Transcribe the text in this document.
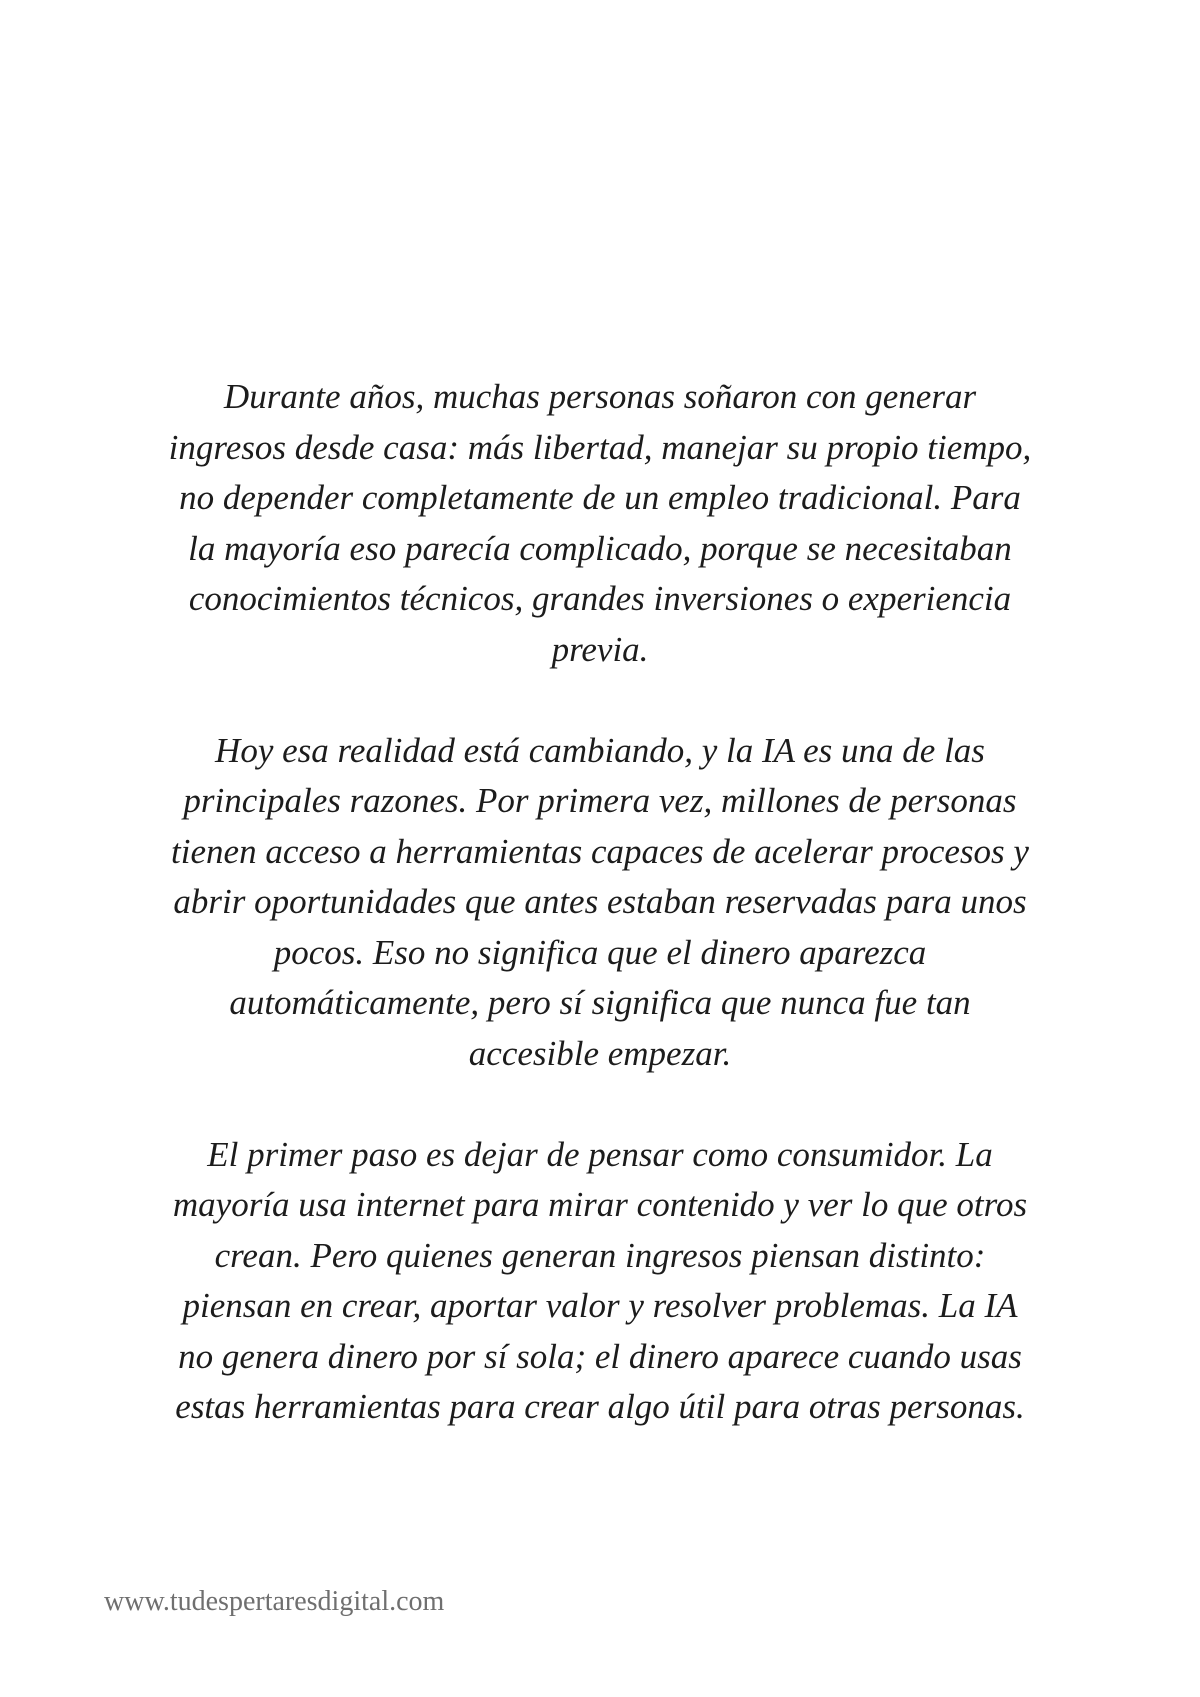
Durante años, muchas personas soñaron con generar
ingresos desde casa: más libertad, manejar su propio tiempo,
no depender completamente de un empleo tradicional. Para
la mayoría eso parecía complicado, porque se necesitaban
conocimientos técnicos, grandes inversiones o experiencia
previa.

Hoy esa realidad está cambiando, y la IA es una de las
principales razones. Por primera vez, millones de personas
tienen acceso a herramientas capaces de acelerar procesos y
abrir oportunidades que antes estaban reservadas para unos
pocos. Eso no significa que el dinero aparezca
automáticamente, pero sí significa que nunca fue tan
accesible empezar.

El primer paso es dejar de pensar como consumidor. La
mayoría usa internet para mirar contenido y ver lo que otros
crean. Pero quienes generan ingresos piensan distinto:
piensan en crear, aportar valor y resolver problemas. La IA
no genera dinero por sí sola; el dinero aparece cuando usas
estas herramientas para crear algo útil para otras personas.

www.tudespertaresdigital.com
